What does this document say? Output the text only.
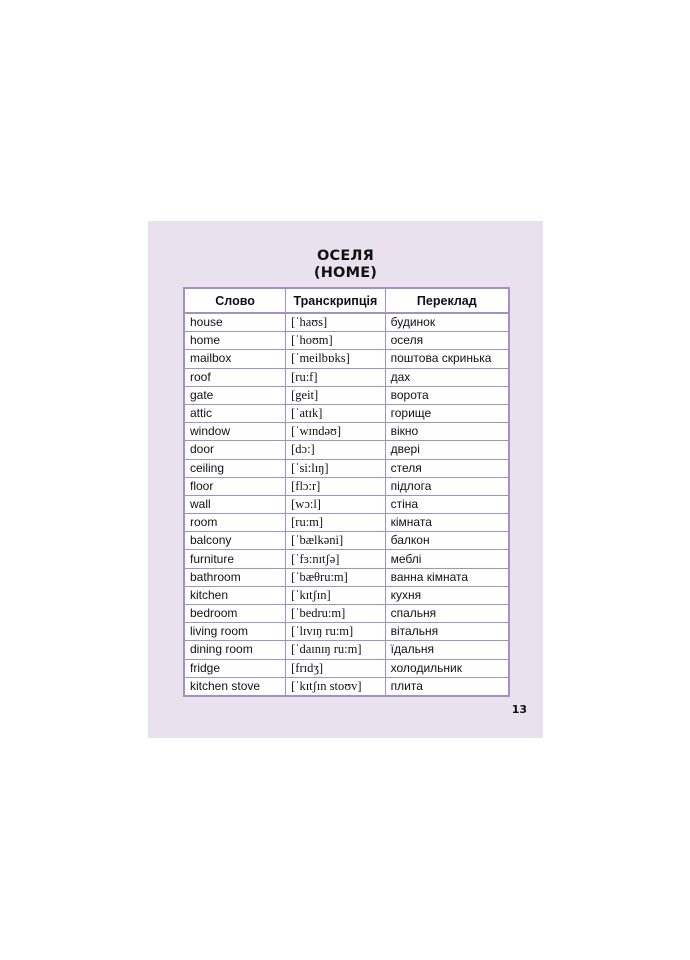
ОСЕЛЯ
(HOME)
Слово	Транскрипція	Переклад
house	[ˈhaʊs]	будинок
home	[ˈhoʊm]	оселя
mailbox	[ˈmeilbɒks]	поштова скринька
roof	[ru:f]	дах
gate	[geit]	ворота
attic	[ˈatɪk]	горище
window	[ˈwɪndəʊ]	вікно
door	[dɔ:]	двері
ceiling	[ˈsi:lɪŋ]	стеля
floor	[flɔ:r]	підлога
wall	[wɔ:l]	стіна
room	[ru:m]	кімната
balcony	[ˈbælkəni]	балкон
furniture	[ˈfɜ:nɪtʃə]	меблі
bathroom	[ˈbæθru:m]	ванна кімната
kitchen	[ˈkɪtʃɪn]	кухня
bedroom	[ˈbedru:m]	спальня
living room	[ˈlɪvɪŋ ru:m]	вітальня
dining room	[ˈdaɪnɪŋ ru:m]	їдальня
fridge	[frɪdʒ]	холодильник
kitchen stove	[ˈkɪtʃɪn stoʊv]	плита
13
